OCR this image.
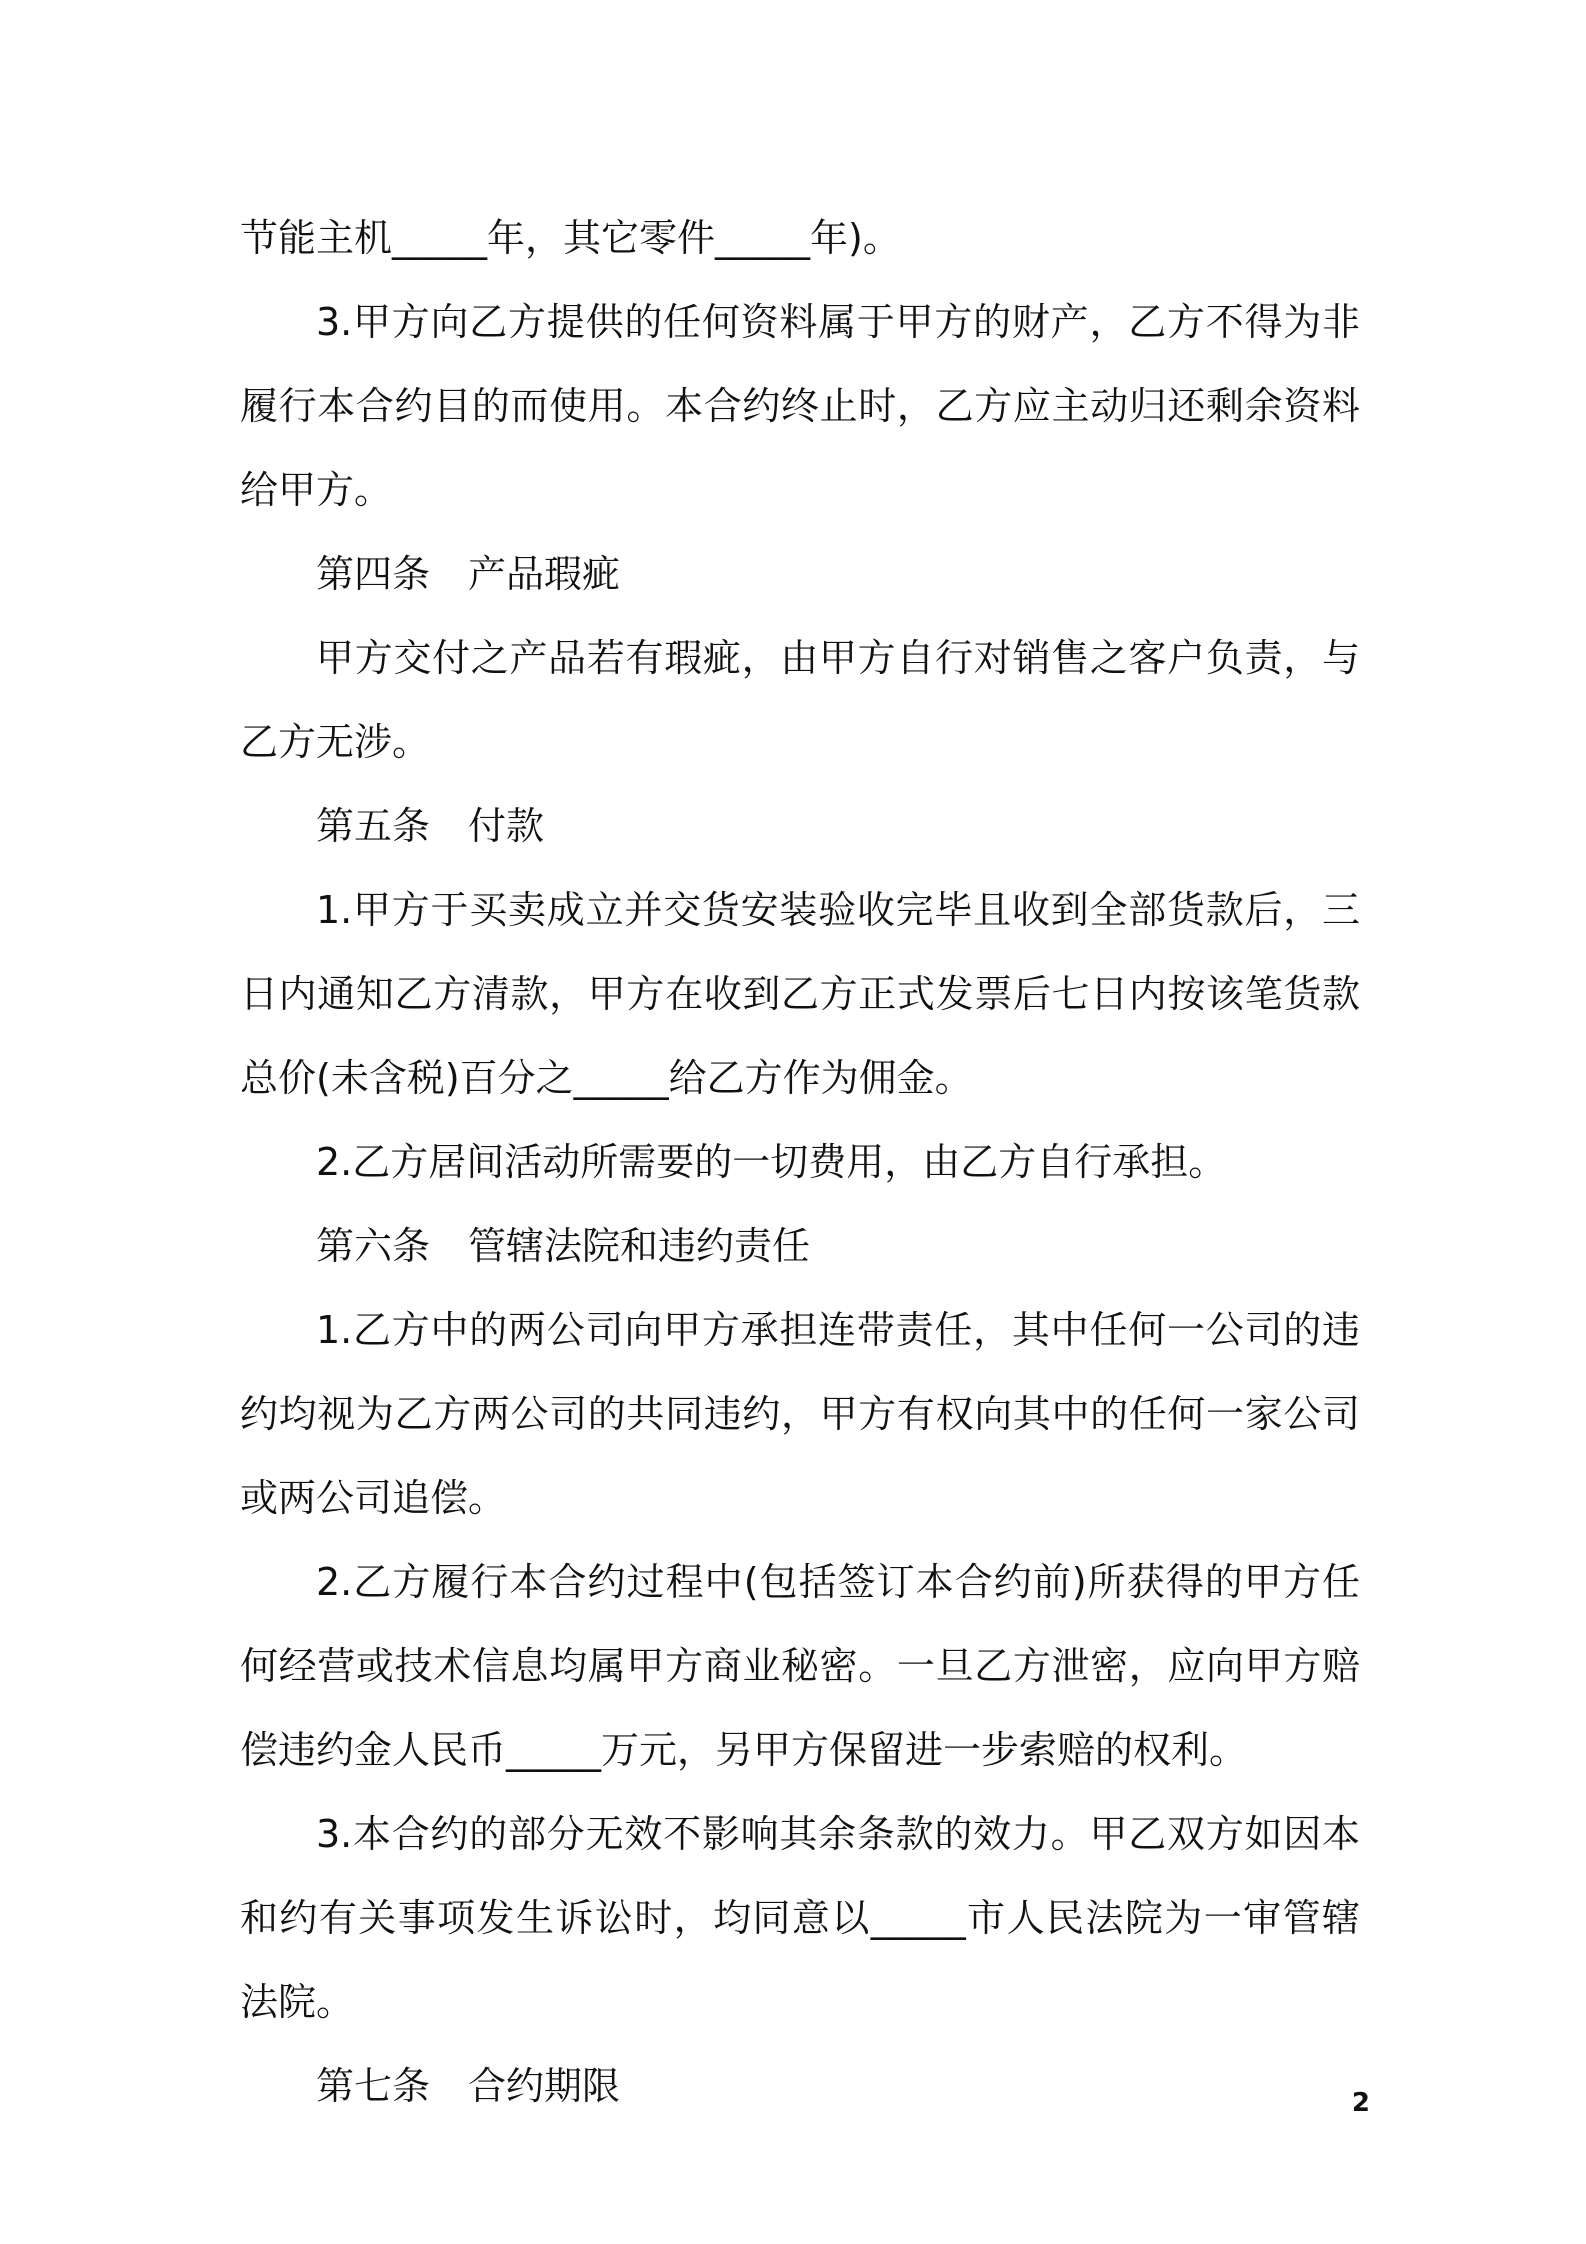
节能主机_____年，其它零件_____年)。

3.甲方向乙方提供的任何资料属于甲方的财产，乙方不得为非履行本合约目的而使用。本合约终止时，乙方应主动归还剩余资料给甲方。

第四条　产品瑕疵

甲方交付之产品若有瑕疵，由甲方自行对销售之客户负责，与乙方无涉。

第五条　付款

1.甲方于买卖成立并交货安装验收完毕且收到全部货款后，三日内通知乙方清款，甲方在收到乙方正式发票后七日内按该笔货款总价(未含税)百分之_____给乙方作为佣金。

2.乙方居间活动所需要的一切费用，由乙方自行承担。

第六条　管辖法院和违约责任

1.乙方中的两公司向甲方承担连带责任，其中任何一公司的违约均视为乙方两公司的共同违约，甲方有权向其中的任何一家公司或两公司追偿。

2.乙方履行本合约过程中(包括签订本合约前)所获得的甲方任何经营或技术信息均属甲方商业秘密。一旦乙方泄密，应向甲方赔偿违约金人民币_____万元，另甲方保留进一步索赔的权利。

3.本合约的部分无效不影响其余条款的效力。甲乙双方如因本和约有关事项发生诉讼时，均同意以_____市人民法院为一审管辖法院。

第七条　合约期限	2
